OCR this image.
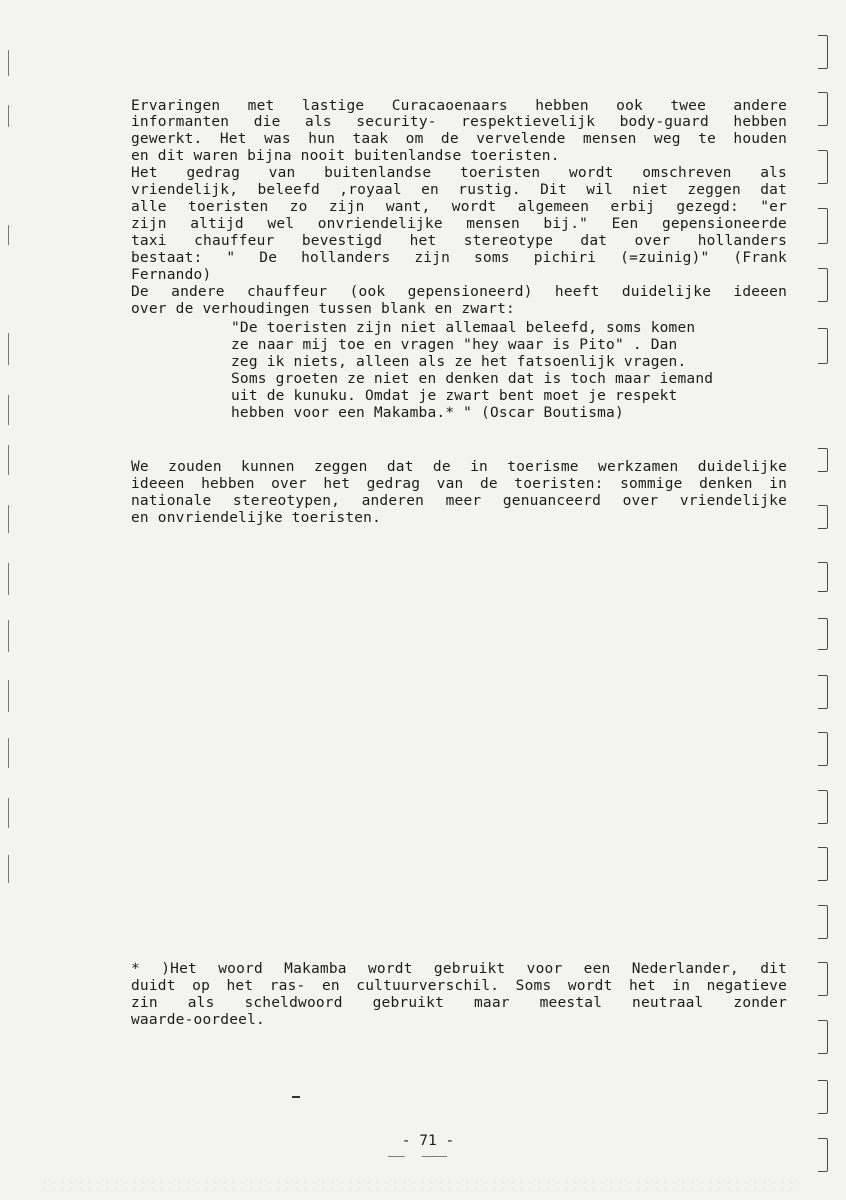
Ervaringen met lastige Curacaoenaars hebben ook twee andere
informanten die als security- respektievelijk body-guard hebben
gewerkt. Het was hun taak om de vervelende mensen weg te houden
en dit waren bijna nooit buitenlandse toeristen.
Het gedrag van buitenlandse toeristen wordt omschreven als
vriendelijk, beleefd ,royaal en rustig. Dit wil niet zeggen dat
alle toeristen zo zijn want, wordt algemeen erbij gezegd: "er
zijn altijd wel onvriendelijke mensen bij." Een gepensioneerde
taxi chauffeur bevestigd het stereotype dat over hollanders
bestaat: " De hollanders zijn soms pichiri (=zuinig)" (Frank
Fernando)
De andere chauffeur (ook gepensioneerd) heeft duidelijke ideeen
over de verhoudingen tussen blank en zwart:
"De toeristen zijn niet allemaal beleefd, soms komen
ze naar mij toe en vragen "hey waar is Pito" . Dan
zeg ik niets, alleen als ze het fatsoenlijk vragen.
Soms groeten ze niet en denken dat is toch maar iemand
uit de kunuku. Omdat je zwart bent moet je respekt
hebben voor een Makamba.* " (Oscar Boutisma)
We zouden kunnen zeggen dat de in toerisme werkzamen duidelijke
ideeen hebben over het gedrag van de toeristen: sommige denken in
nationale stereotypen, anderen meer genuanceerd over vriendelijke
en onvriendelijke toeristen.
* )Het woord Makamba wordt gebruikt voor een Nederlander, dit
duidt op het ras- en cultuurverschil. Soms wordt het in negatieve
zin als scheldwoord gebruikt maar meestal neutraal zonder
waarde-oordeel.
- 71 -
‾‾  ‾‾‾
